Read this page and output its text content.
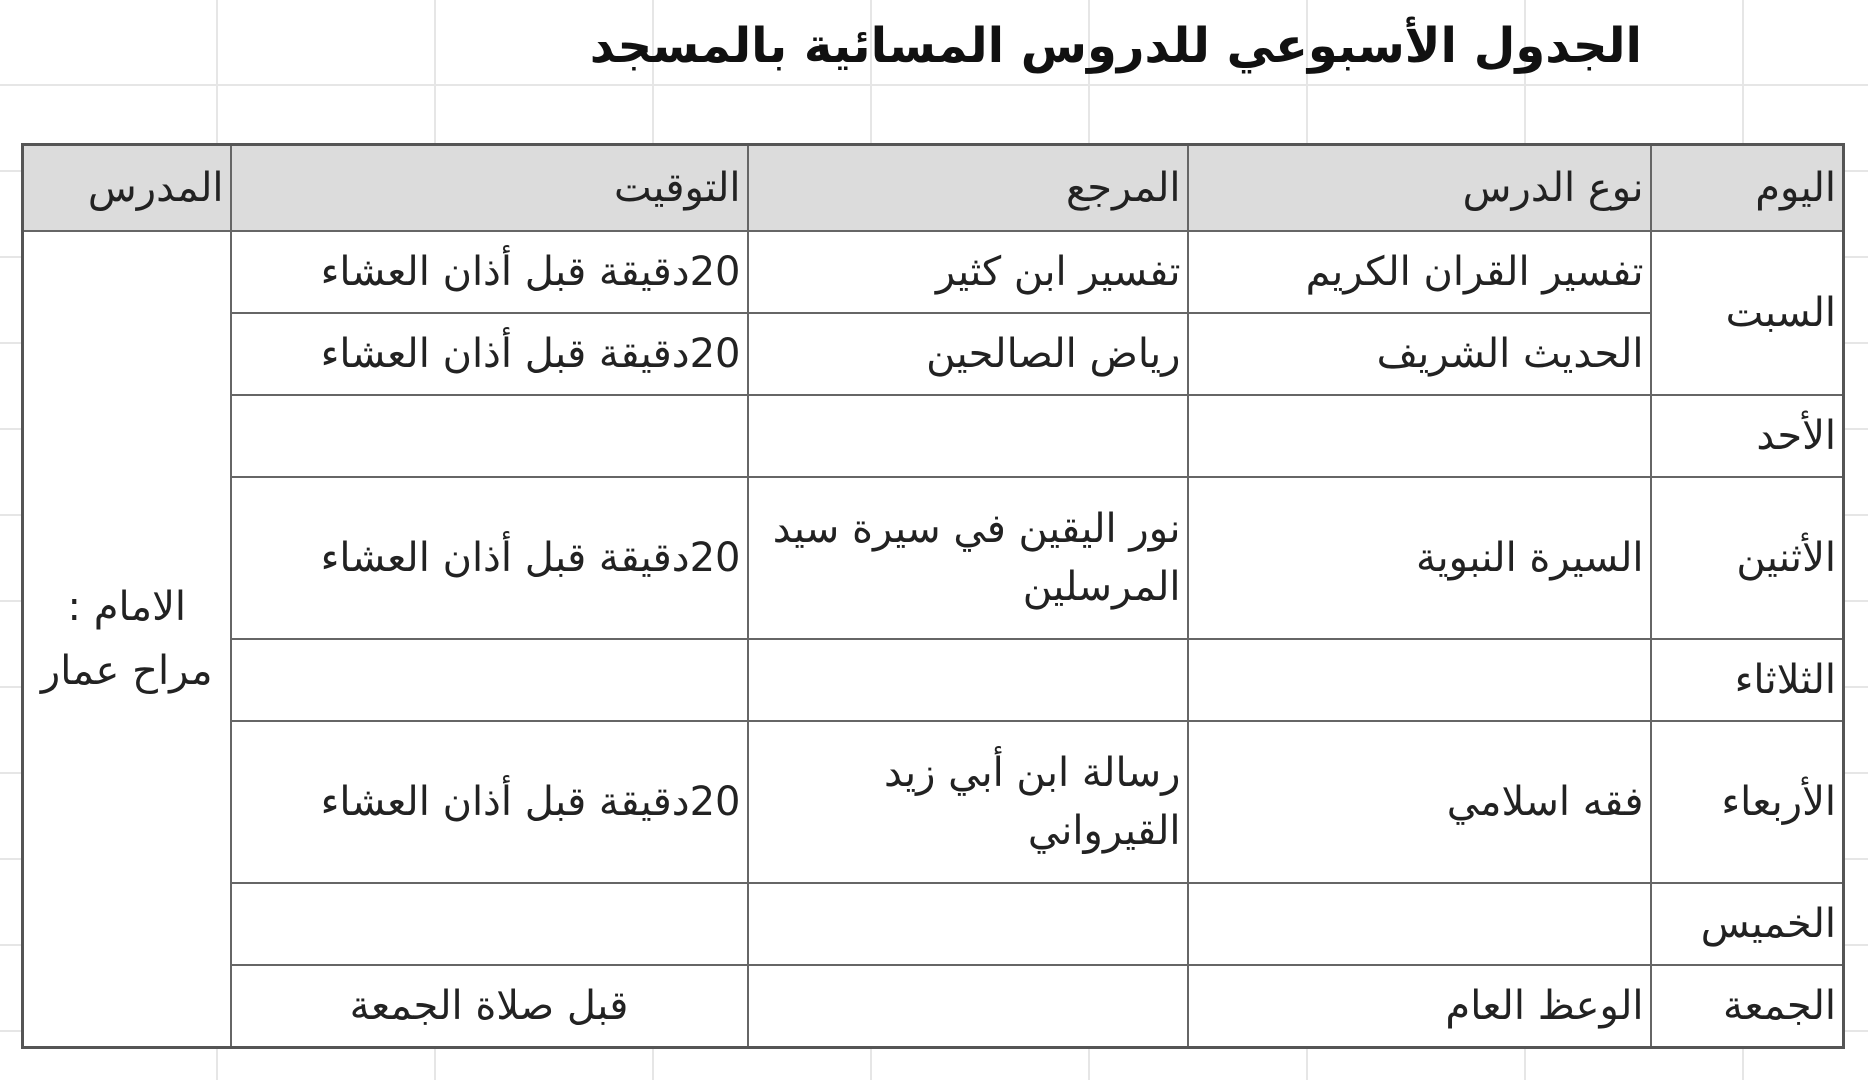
الجدول الأسبوعي للدروس المسائية بالمسجد
اليوم	نوع الدرس	المرجع	التوقيت	المدرس
السبت	تفسير القران الكريم	تفسير ابن كثير	20دقيقة قبل أذان العشاء	الامام :
مراح عمار

	الحديث الشريف	رياض الصالحين	20دقيقة قبل أذان العشاء	
الأحد				
الأثنين	السيرة النبوية	نور اليقين في سيرة سيد المرسلين	20دقيقة قبل أذان العشاء	
الثلاثاء				
الأربعاء	فقه اسلامي	رسالة ابن أبي زيد القيرواني	20دقيقة قبل أذان العشاء	
الخميس				
الجمعة	الوعظ العام		قبل صلاة الجمعة	
